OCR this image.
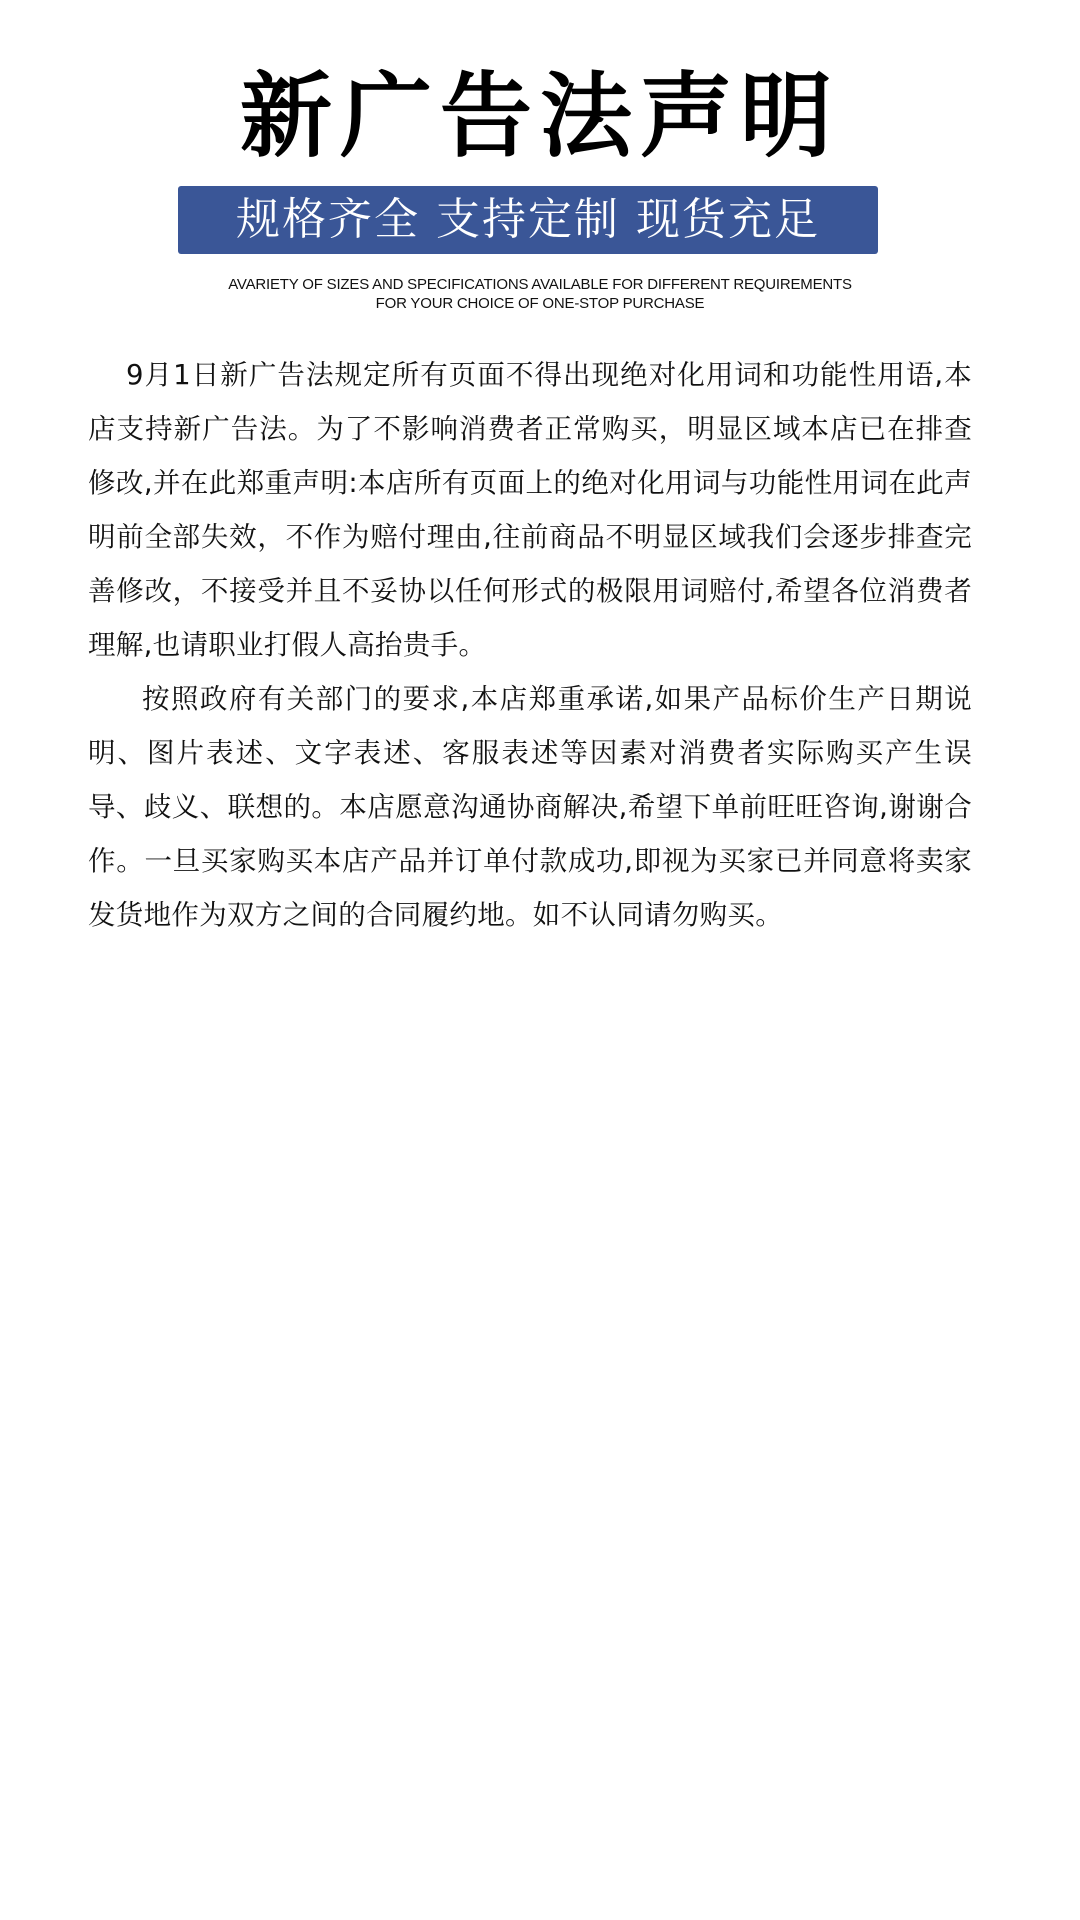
新广告法声明
规格齐全 支持定制 现货充足
AVARIETY OF SIZES AND SPECIFICATIONS AVAILABLE FOR DIFFERENT REQUIREMENTS
FOR YOUR CHOICE OF ONE-STOP PURCHASE

9月1日新广告法规定所有页面不得出现绝对化用词和功能性用语,本店支持新广告法。为了不影响消费者正常购买，明显区域本店已在排查修改,并在此郑重声明:本店所有页面上的绝对化用词与功能性用词在此声明前全部失效，不作为赔付理由,往前商品不明显区域我们会逐步排查完善修改，不接受并且不妥协以任何形式的极限用词赔付,希望各位消费者理解,也请职业打假人高抬贵手。

按照政府有关部门的要求,本店郑重承诺,如果产品标价生产日期说明、图片表述、文字表述、客服表述等因素对消费者实际购买产生误导、歧义、联想的。本店愿意沟通协商解决,希望下单前旺旺咨询,谢谢合作。一旦买家购买本店产品并订单付款成功,即视为买家已并同意将卖家发货地作为双方之间的合同履约地。如不认同请勿购买。
